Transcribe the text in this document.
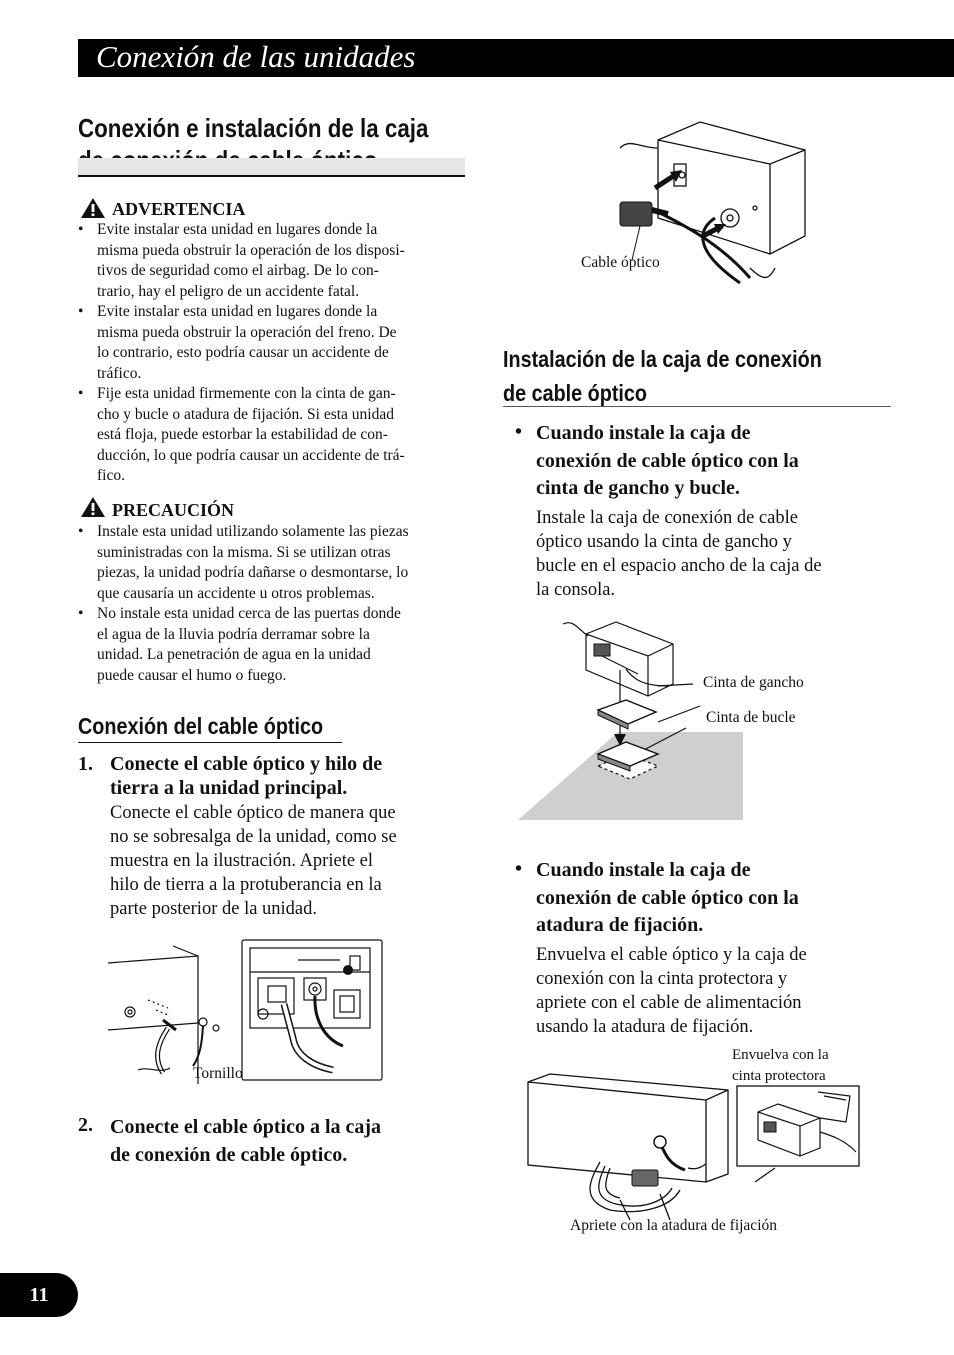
Conexión de las unidades
Conexión e instalación de la caja
ADVERTENCIA
• Evite instalar esta unidad en lugares donde la
misma pueda obstruir la operación de los disposi-
tivos de seguridad como el airbag. De lo con-
trario, hay el peligro de un accidente fatal.
• Evite instalar esta unidad en lugares donde la
misma pueda obstruir la operación del freno. De
lo contrario, esto podría causar un accidente de
tráfico.
• Fije esta unidad firmemente con la cinta de gan-
cho y bucle o atadura de fijación. Si esta unidad
está floja, puede estorbar la estabilidad de con-
ducción, lo que podría causar un accidente de trá-
fico.
PRECAUCIÓN
• Instale esta unidad utilizando solamente las piezas
suministradas con la misma. Si se utilizan otras
piezas, la unidad podría dañarse o desmontarse, lo
que causaría un accidente u otros problemas.
• No instale esta unidad cerca de las puertas donde
el agua de la lluvia podría derramar sobre la
unidad. La penetración de agua en la unidad
puede causar el humo o fuego.
Conexión del cable óptico
1. Conecte el cable óptico y hilo de
tierra a la unidad principal.
Conecte el cable óptico de manera que
no se sobresalga de la unidad, como se
muestra en la ilustración. Apriete el
hilo de tierra a la protuberancia en la
parte posterior de la unidad.
Tornillo
2. Conecte el cable óptico a la caja
de conexión de cable óptico.
Cable óptico
Instalación de la caja de conexión
de cable óptico
• Cuando instale la caja de
conexión de cable óptico con la
cinta de gancho y bucle.
Instale la caja de conexión de cable
óptico usando la cinta de gancho y
bucle en el espacio ancho de la caja de
la consola.
Cinta de gancho
Cinta de bucle
• Cuando instale la caja de
conexión de cable óptico con la
atadura de fijación.
Envuelva el cable óptico y la caja de
conexión con la cinta protectora y
apriete con el cable de alimentación
usando la atadura de fijación.
Envuelva con la
cinta protectora
Apriete con la atadura de fijación
11
